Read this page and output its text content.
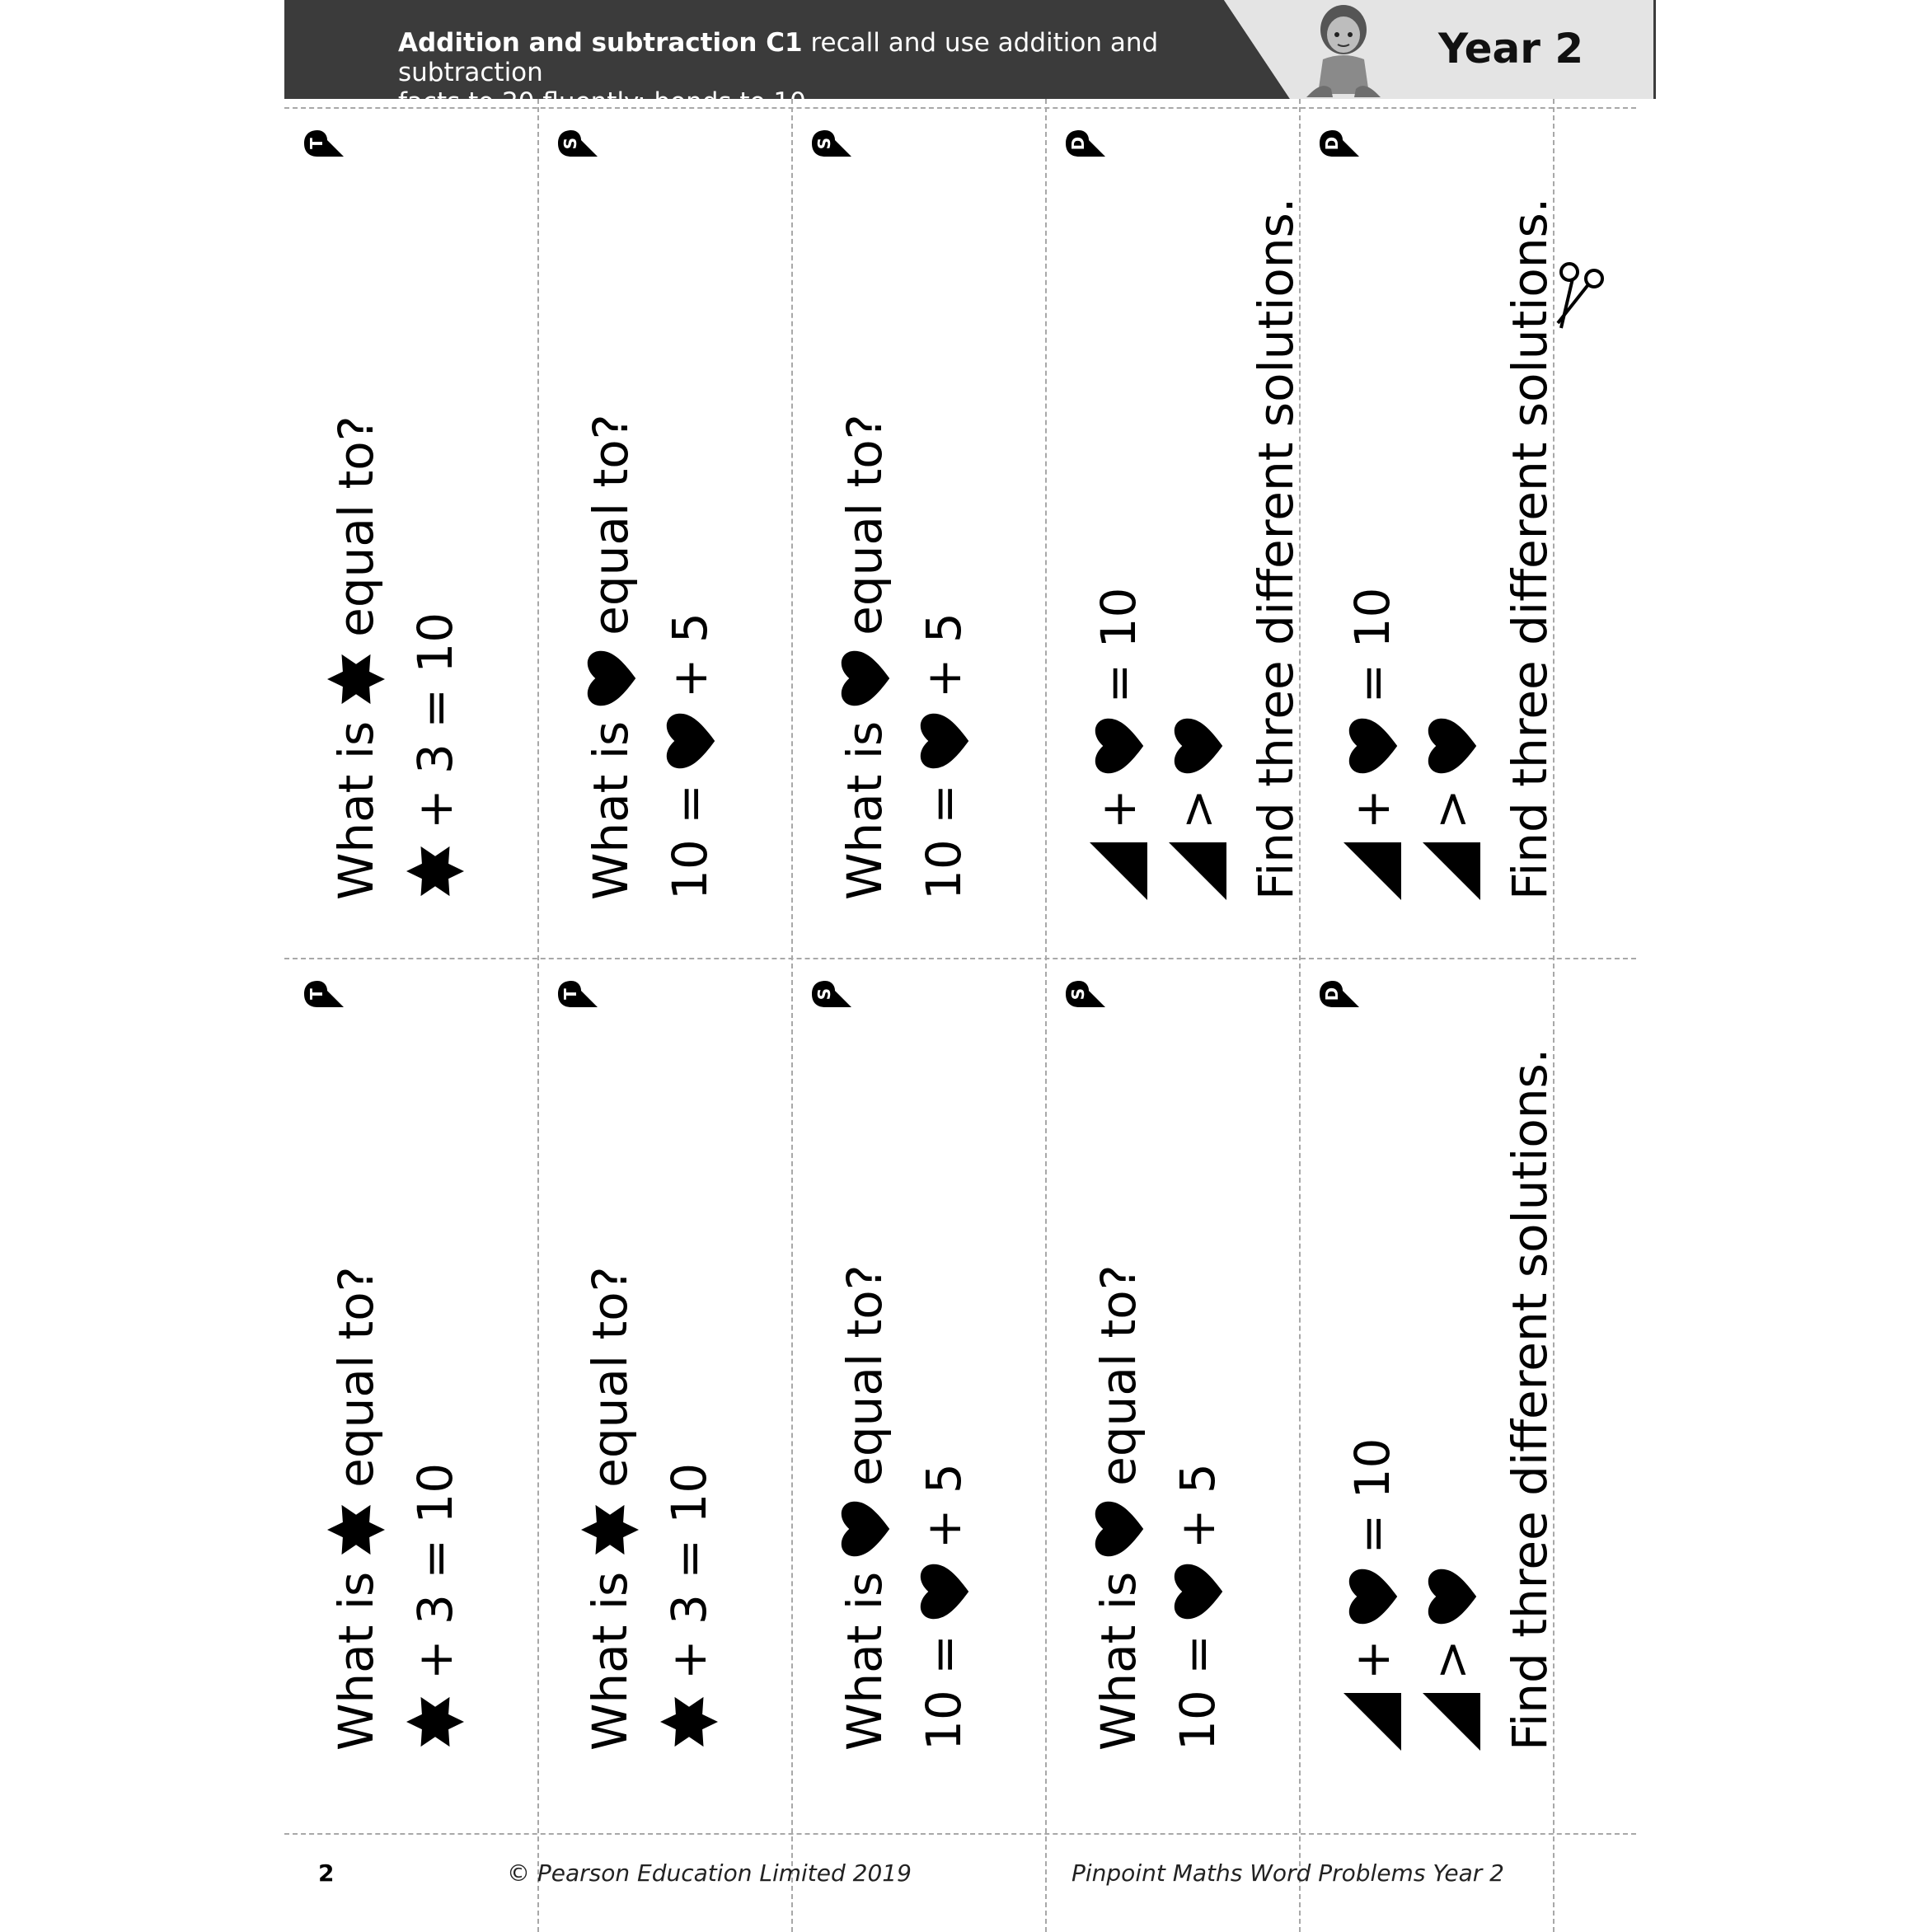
Addition and subtraction C1 recall and use addition and subtraction
facts to 20 fluently: bonds to 10
Year 2
T
What is
equal to?
+ 3 = 10
S
What is
equal to?
10 =
+ 5
S
What is
equal to?
10 =
+ 5
D
+
= 10
> Find three different solutions.
D
+
= 10
> Find three different solutions.
T
What is
equal to?
+ 3 = 10
T
What is
equal to?
+ 3 = 10
S
What is
equal to?
10 =
+ 5
S
What is
equal to?
10 =
+ 5
D
+
= 10
> Find three different solutions.
2	© Pearson Education Limited 2019	Pinpoint Maths Word Problems Year 2
